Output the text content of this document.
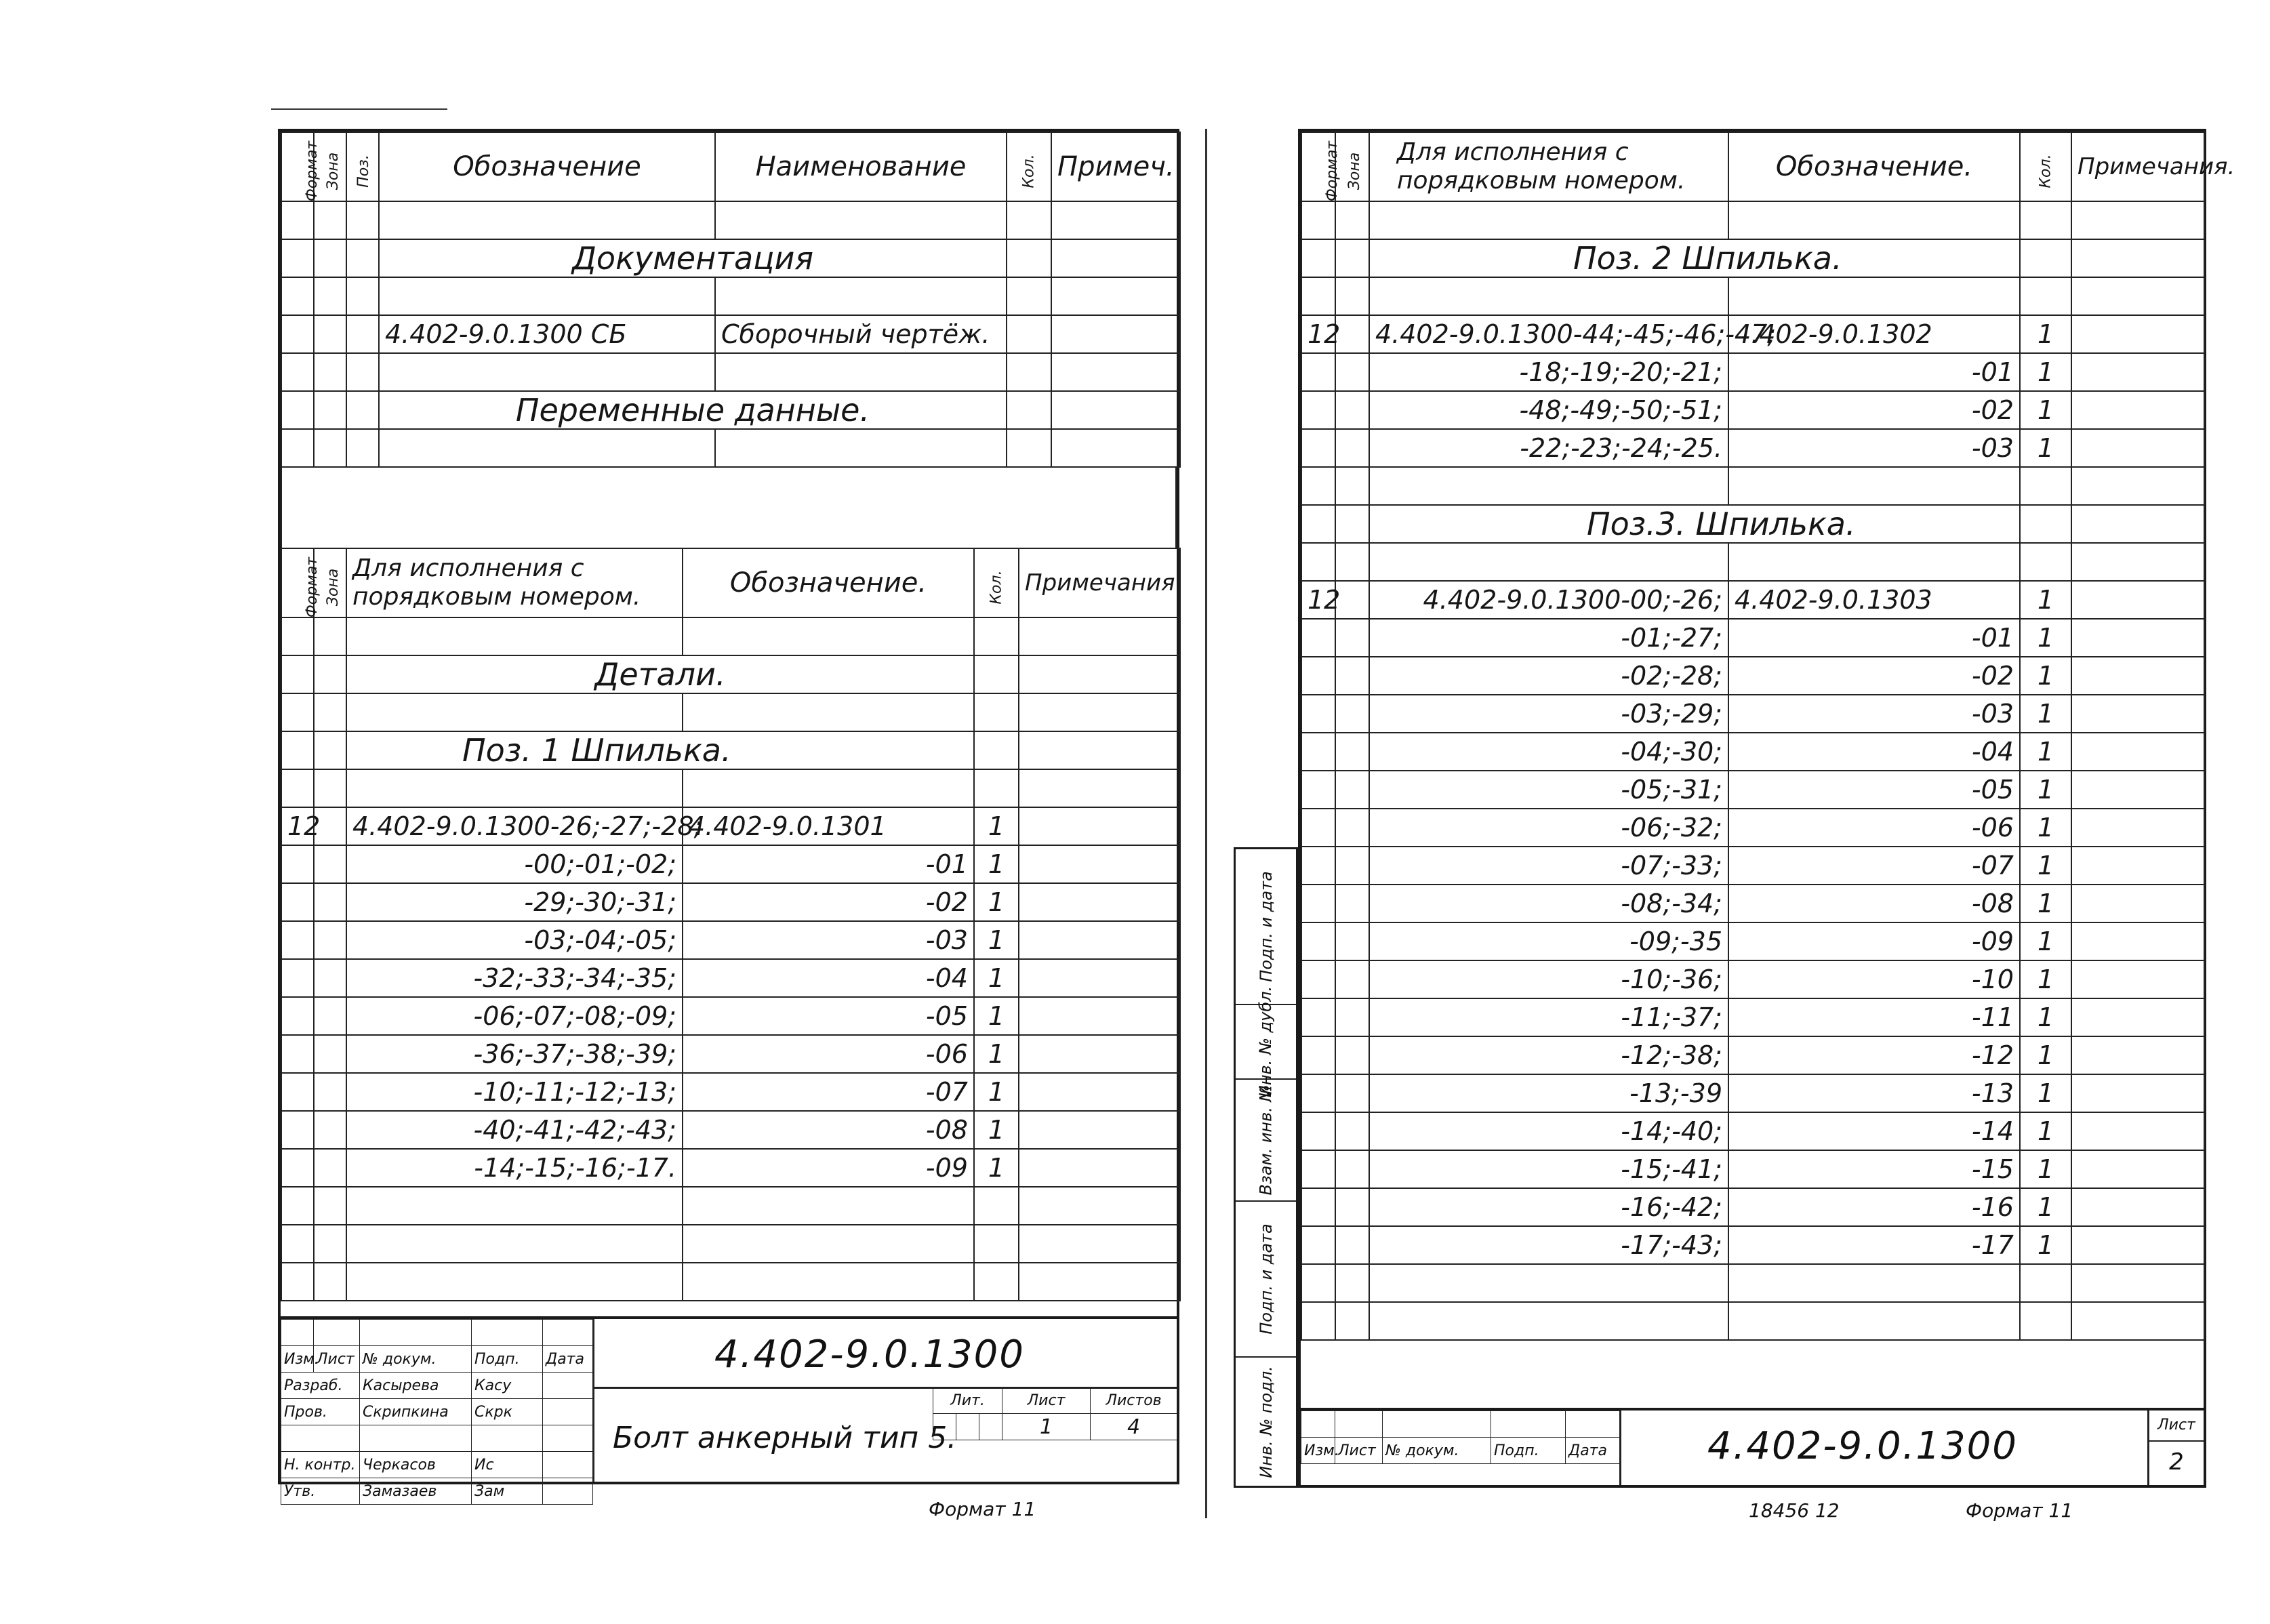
Формат	Зона	Поз.	Обозначение	Наименование	Кол.	Примеч.

			Документация			

			4.402-9.0.1300 СБ	Сборочный чертёж.		

			Переменные данные.			

Формат	Зона	Для исполнения с порядковым номером.	Обозначение.	Кол.	Примечания

		Детали.			

		Поз. 1 Шпилька.			

12		4.402-9.0.1300-26;-27;-28;	4.402-9.0.1301	1	
		-00;-01;-02;	-01	1	
		-29;-30;-31;	-02	1	
		-03;-04;-05;	-03	1	
		-32;-33;-34;-35;	-04	1	
		-06;-07;-08;-09;	-05	1	
		-36;-37;-38;-39;	-06	1	
		-10;-11;-12;-13;	-07	1	
		-40;-41;-42;-43;	-08	1	
		-14;-15;-16;-17.	-09	1	

Изм.	Лист	№ докум.	Подп.	Дата
Разраб.		Касырева	Касу	
Пров.		Скрипкина	Скрк	

Н. контр.		Черкасов	Ис	
Утв.		Замазаев	Зам	
4.402-9.0.1300
Болт анкерный тип 5.
Лит.			Лист	Листов
			1	4
Формат 11
Подп. и дата
Инв. № дубл.
Взам. инв. №
Подп. и дата
Инв. № подл.
Формат	Зона	Для исполнения с порядковым номером.	Обозначение.	Кол.	Примечания.

		Поз. 2 Шпилька.			

12		4.402-9.0.1300-44;-45;-46;-47;	4.402-9.0.1302	1	
		-18;-19;-20;-21;	-01	1	
		-48;-49;-50;-51;	-02	1	
		-22;-23;-24;-25.	-03	1	

		Поз.3. Шпилька.			

12		4.402-9.0.1300-00;-26;	4.402-9.0.1303	1	
		-01;-27;	-01	1	
		-02;-28;	-02	1	
		-03;-29;	-03	1	
		-04;-30;	-04	1	
		-05;-31;	-05	1	
		-06;-32;	-06	1	
		-07;-33;	-07	1	
		-08;-34;	-08	1	
		-09;-35	-09	1	
		-10;-36;	-10	1	
		-11;-37;	-11	1	
		-12;-38;	-12	1	
		-13;-39	-13	1	
		-14;-40;	-14	1	
		-15;-41;	-15	1	
		-16;-42;	-16	1	
		-17;-43;	-17	1	

Изм.	Лист	№ докум.	Подп.	Дата	4.402-9.0.1300	Лист
2
18456 12	Формат 11
